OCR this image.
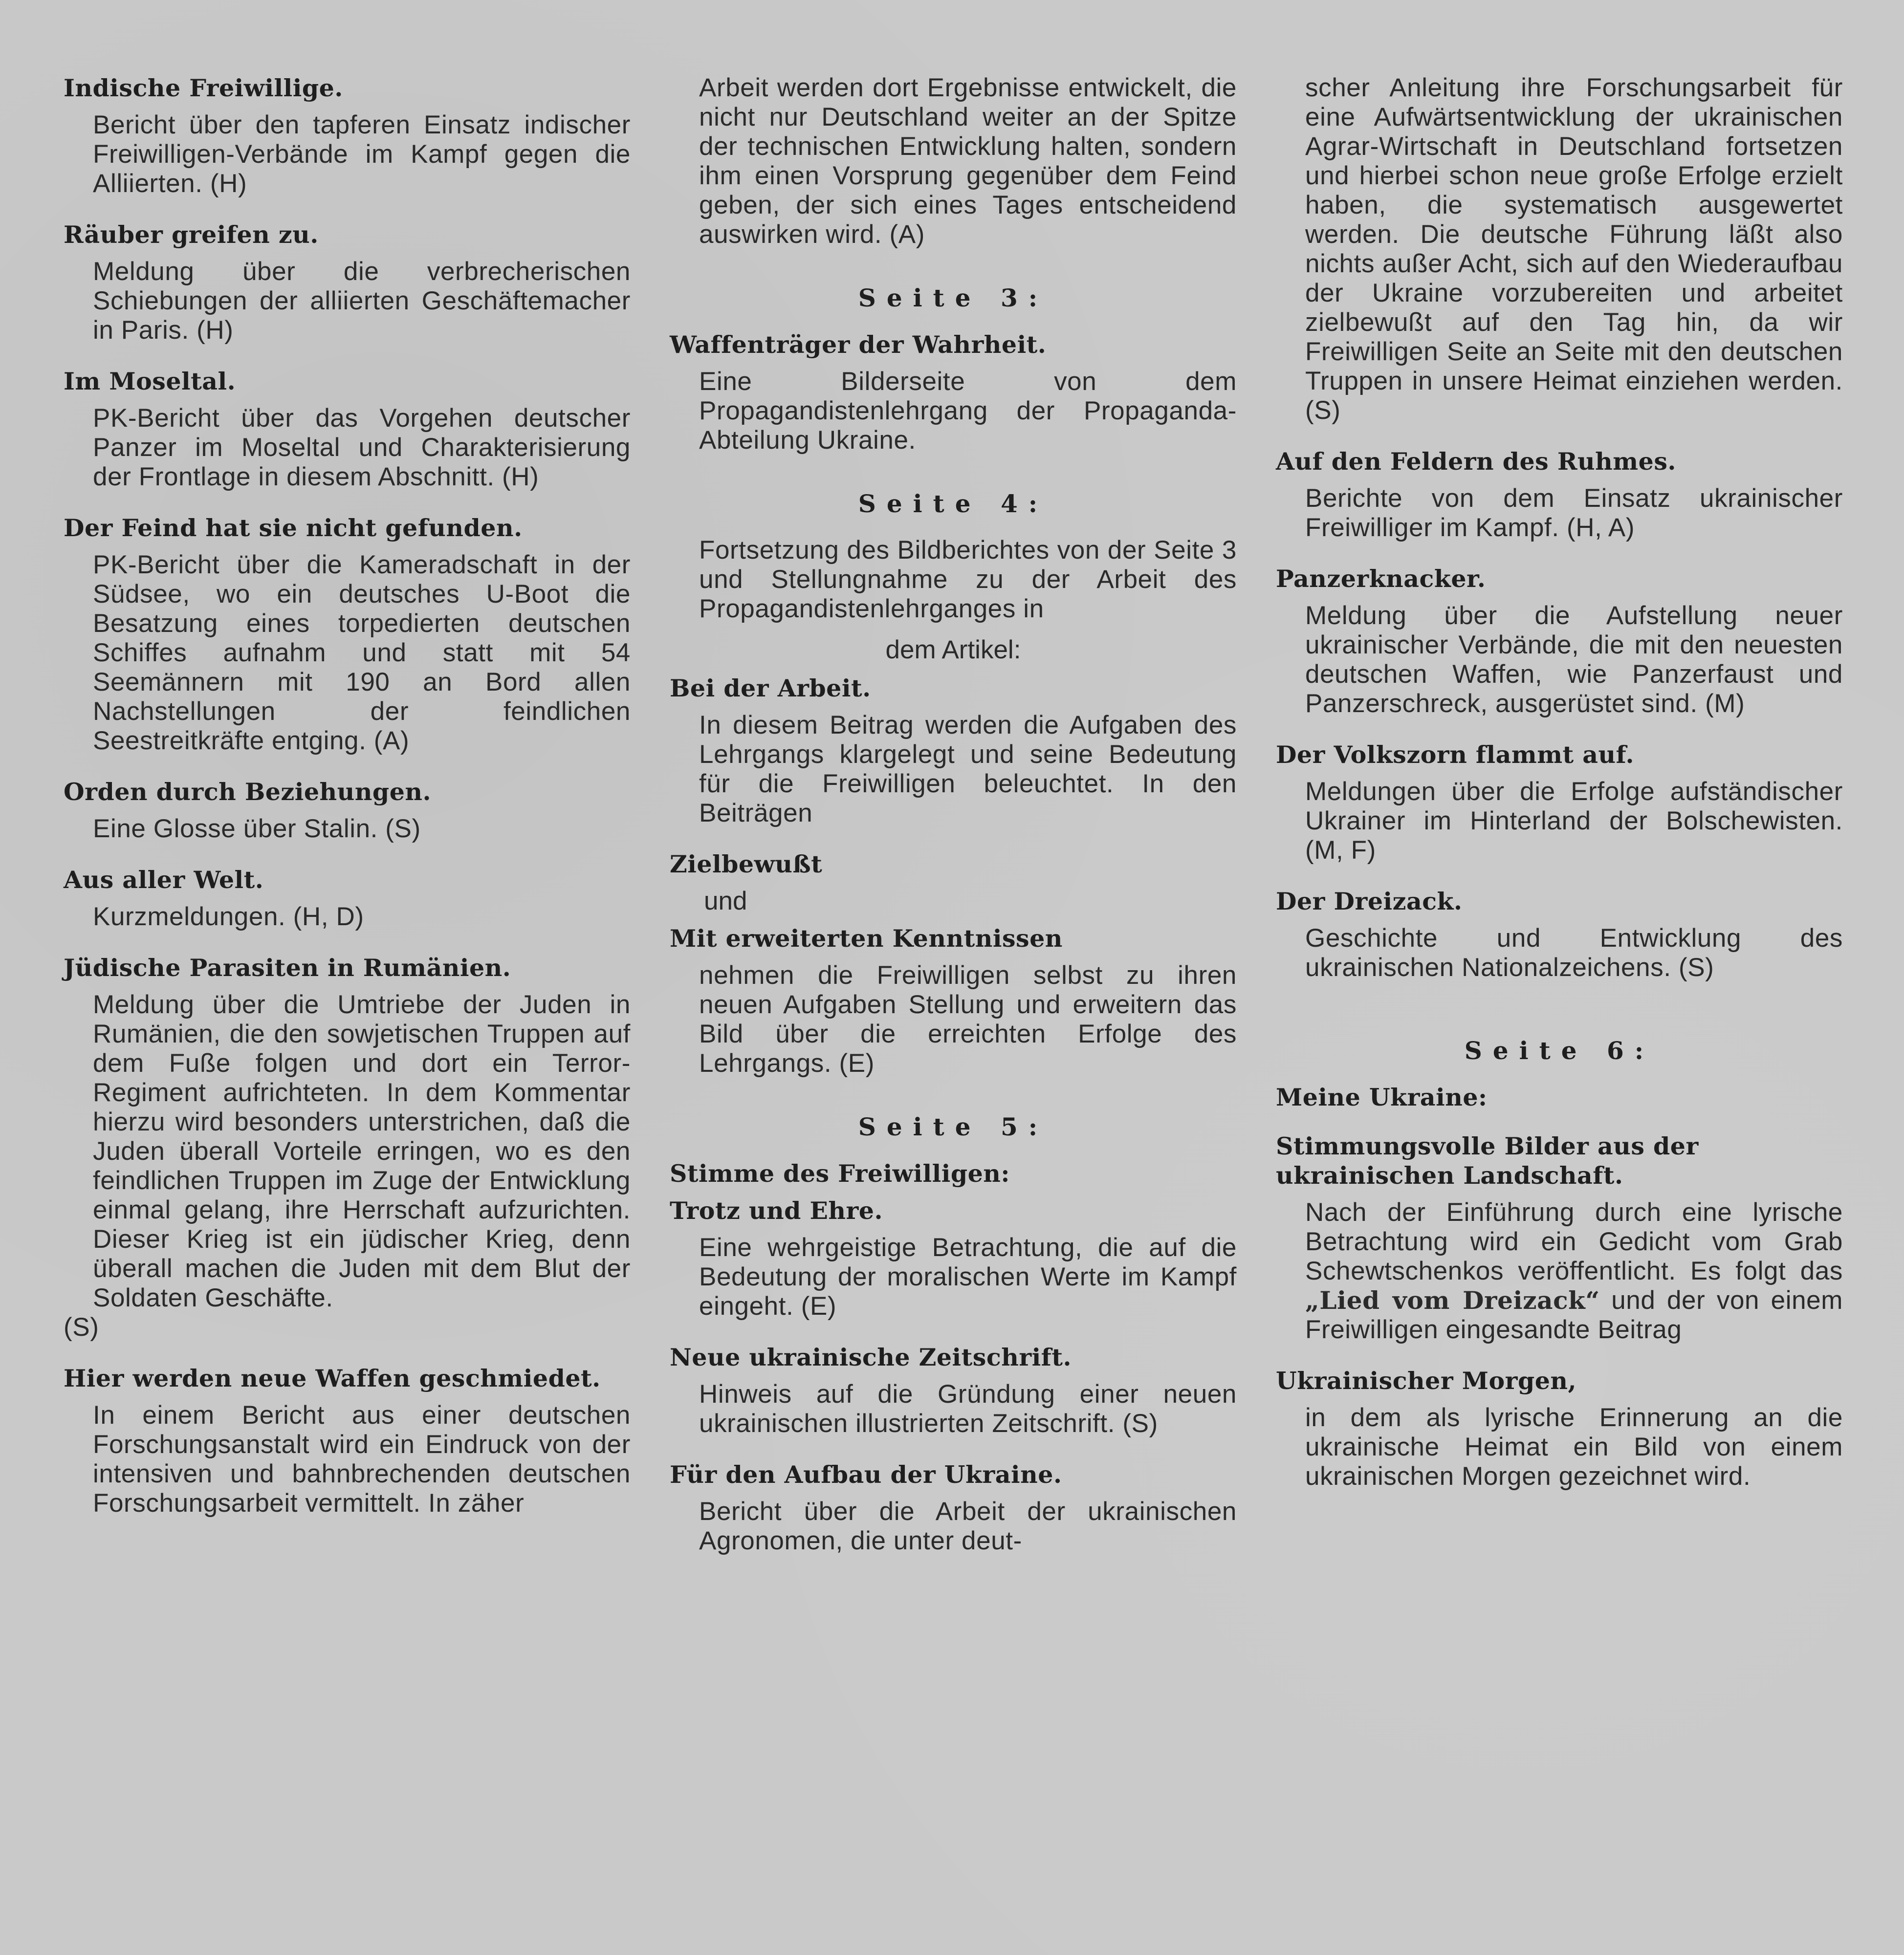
Indische Freiwillige.
Bericht über den tapferen Einsatz indischer Freiwilligen-Verbände im Kampf gegen die Alliierten. (H)
Räuber greifen zu.
Meldung über die verbrecherischen Schiebungen der alliierten Geschäftemacher in Paris. (H)
Im Moseltal.
PK-Bericht über das Vorgehen deutscher Panzer im Moseltal und Charakterisierung der Frontlage in diesem Abschnitt. (H)
Der Feind hat sie nicht gefunden.
PK-Bericht über die Kameradschaft in der Südsee, wo ein deutsches U-Boot die Besatzung eines torpedierten deutschen Schiffes aufnahm und statt mit 54 Seemännern mit 190 an Bord allen Nachstellungen der feindlichen Seestreitkräfte entging. (A)
Orden durch Beziehungen.
Eine Glosse über Stalin. (S)
Aus aller Welt.
Kurzmeldungen. (H, D)
Jüdische Parasiten in Rumänien.
Meldung über die Umtriebe der Juden in Rumänien, die den sowjetischen Truppen auf dem Fuße folgen und dort ein Terror-Regiment aufrichteten. In dem Kommentar hierzu wird besonders unterstrichen, daß die Juden überall Vorteile erringen, wo es den feindlichen Truppen im Zuge der Entwicklung einmal gelang, ihre Herrschaft aufzurichten. Dieser Krieg ist ein jüdischer Krieg, denn überall machen die Juden mit dem Blut der Soldaten Geschäfte.
(S)
Hier werden neue Waffen geschmiedet.
In einem Bericht aus einer deutschen Forschungsanstalt wird ein Eindruck von der intensiven und bahnbrechenden deutschen Forschungsarbeit vermittelt. In zäher
Arbeit werden dort Ergebnisse entwickelt, die nicht nur Deutschland weiter an der Spitze der technischen Entwicklung halten, sondern ihm einen Vorsprung gegenüber dem Feind geben, der sich eines Tages entscheidend auswirken wird. (A)
Seite 3:
Waffenträger der Wahrheit.
Eine Bilderseite von dem Propagandistenlehrgang der Propaganda-Abteilung Ukraine.
Seite 4:
Fortsetzung des Bildberichtes von der Seite 3 und Stellungnahme zu der Arbeit des Propagandistenlehrganges in
dem Artikel:
Bei der Arbeit.
In diesem Beitrag werden die Aufgaben des Lehrgangs klargelegt und seine Bedeutung für die Freiwilligen beleuchtet. In den Beiträgen
Zielbewußt
und
Mit erweiterten Kenntnissen
nehmen die Freiwilligen selbst zu ihren neuen Aufgaben Stellung und erweitern das Bild über die erreichten Erfolge des Lehrgangs. (E)
Seite 5:
Stimme des Freiwilligen:
Trotz und Ehre.
Eine wehrgeistige Betrachtung, die auf die Bedeutung der moralischen Werte im Kampf eingeht. (E)
Neue ukrainische Zeitschrift.
Hinweis auf die Gründung einer neuen ukrainischen illustrierten Zeitschrift. (S)
Für den Aufbau der Ukraine.
Bericht über die Arbeit der ukrainischen Agronomen, die unter deut-
scher Anleitung ihre Forschungsarbeit für eine Aufwärtsentwicklung der ukrainischen Agrar-Wirtschaft in Deutschland fortsetzen und hierbei schon neue große Erfolge erzielt haben, die systematisch ausgewertet werden. Die deutsche Führung läßt also nichts außer Acht, sich auf den Wiederaufbau der Ukraine vorzubereiten und arbeitet zielbewußt auf den Tag hin, da wir Freiwilligen Seite an Seite mit den deutschen Truppen in unsere Heimat einziehen werden. (S)
Auf den Feldern des Ruhmes.
Berichte von dem Einsatz ukrainischer Freiwilliger im Kampf. (H, A)
Panzerknacker.
Meldung über die Aufstellung neuer ukrainischer Verbände, die mit den neuesten deutschen Waffen, wie Panzerfaust und Panzerschreck, ausgerüstet sind. (M)
Der Volkszorn flammt auf.
Meldungen über die Erfolge aufständischer Ukrainer im Hinterland der Bolschewisten. (M, F)
Der Dreizack.
Geschichte und Entwicklung des ukrainischen Nationalzeichens. (S)
Seite 6:
Meine Ukraine:
Stimmungsvolle Bilder aus der ukrainischen Landschaft.
Nach der Einführung durch eine lyrische Betrachtung wird ein Gedicht vom Grab Schewtschenkos veröffentlicht. Es folgt das „Lied vom Dreizack“ und der von einem Freiwilligen eingesandte Beitrag
Ukrainischer Morgen,
in dem als lyrische Erinnerung an die ukrainische Heimat ein Bild von einem ukrainischen Morgen gezeichnet wird.
